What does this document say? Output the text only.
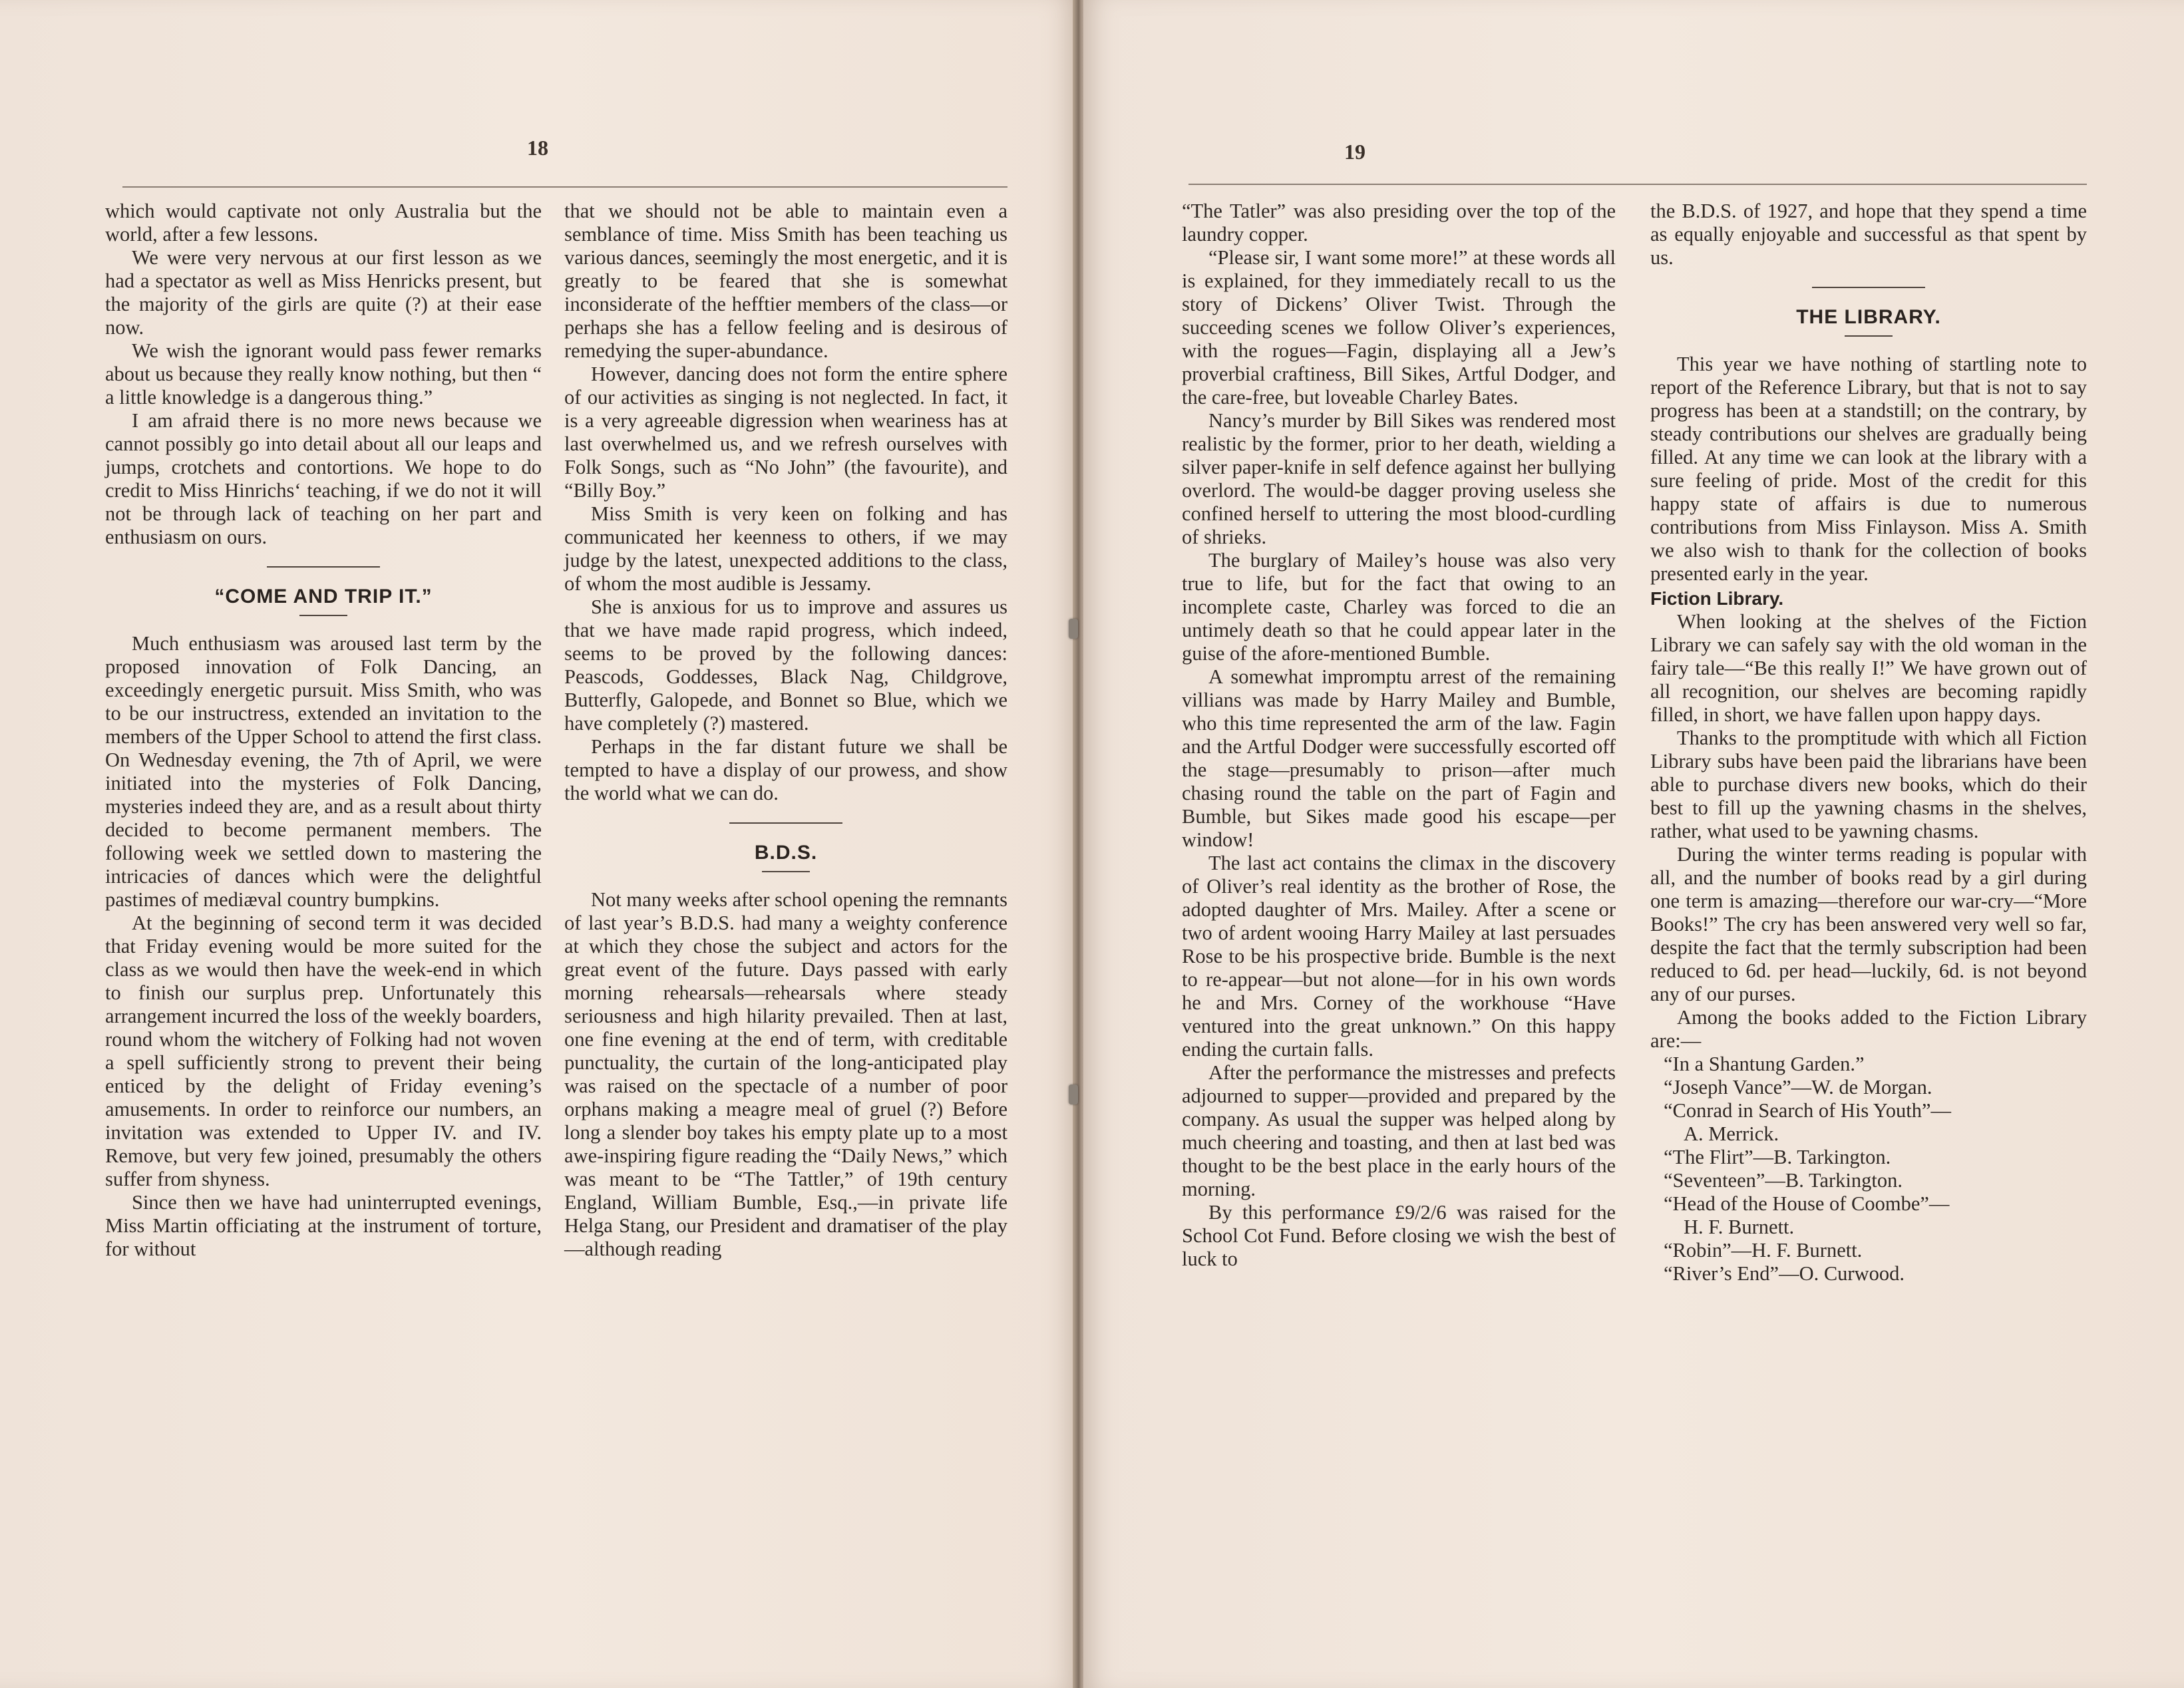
18

which would captivate not only Australia but the world, after a few lessons.

We were very nervous at our first lesson as we had a spectator as well as Miss Henricks present, but the majority of the girls are quite (?) at their ease now.

We wish the ignorant would pass fewer remarks about us because they really know nothing, but then “ a little knowledge is a dangerous thing.”

I am afraid there is no more news because we cannot possibly go into detail about all our leaps and jumps, crotchets and contortions. We hope to do credit to Miss Hinrichs‘ teaching, if we do not it will not be through lack of teaching on her part and enthusiasm on ours.

“COME AND TRIP IT.”

Much enthusiasm was aroused last term by the proposed innovation of Folk Dancing, an exceedingly energetic pursuit. Miss Smith, who was to be our instructress, extended an invitation to the members of the Upper School to attend the first class. On Wednesday evening, the 7th of April, we were initiated into the mysteries of Folk Dancing, mysteries indeed they are, and as a result about thirty decided to become permanent members. The following week we settled down to mastering the intricacies of dances which were the delightful pastimes of mediæval country bumpkins.

At the beginning of second term it was decided that Friday evening would be more suited for the class as we would then have the week-end in which to finish our surplus prep. Unfortunately this arrangement incurred the loss of the weekly boarders, round whom the witchery of Folking had not woven a spell sufficiently strong to prevent their being enticed by the delight of Friday evening’s amusements. In order to reinforce our numbers, an invitation was extended to Upper IV. and IV. Remove, but very few joined, presumably the others suffer from shyness.

Since then we have had uninterrupted evenings, Miss Martin officiating at the instrument of torture, for without

that we should not be able to maintain even a semblance of time. Miss Smith has been teaching us various dances, seemingly the most energetic, and it is greatly to be feared that she is somewhat inconsiderate of the hefftier members of the class—or perhaps she has a fellow feeling and is desirous of remedying the super-abundance.

However, dancing does not form the entire sphere of our activities as singing is not neglected. In fact, it is a very agreeable digression when weariness has at last overwhelmed us, and we refresh ourselves with Folk Songs, such as “No John” (the favourite), and “Billy Boy.”

Miss Smith is very keen on folking and has communicated her keenness to others, if we may judge by the latest, unexpected additions to the class, of whom the most audible is Jessamy.

She is anxious for us to improve and assures us that we have made rapid progress, which indeed, seems to be proved by the following dances: Peascods, Goddesses, Black Nag, Childgrove, Butterfly, Galopede, and Bonnet so Blue, which we have completely (?) mastered.

Perhaps in the far distant future we shall be tempted to have a display of our prowess, and show the world what we can do.

B.D.S.

Not many weeks after school opening the remnants of last year’s B.D.S. had many a weighty conference at which they chose the subject and actors for the great event of the future. Days passed with early morning rehearsals—rehearsals where steady seriousness and high hilarity prevailed. Then at last, one fine evening at the end of term, with creditable punctuality, the curtain of the long-anticipated play was raised on the spectacle of a number of poor orphans making a meagre meal of gruel (?) Before long a slender boy takes his empty plate up to a most awe-inspiring figure reading the “Daily News,” which was meant to be “The Tattler,” of 19th century England, William Bumble, Esq.,—in private life Helga Stang, our President and dramatiser of the play—although reading

19

“The Tatler” was also presiding over the top of the laundry copper.

“Please sir, I want some more!” at these words all is explained, for they immediately recall to us the story of Dickens’ Oliver Twist. Through the succeeding scenes we follow Oliver’s experiences, with the rogues—Fagin, displaying all a Jew’s proverbial craftiness, Bill Sikes, Artful Dodger, and the care-free, but loveable Charley Bates.

Nancy’s murder by Bill Sikes was rendered most realistic by the former, prior to her death, wielding a silver paper-knife in self defence against her bullying overlord. The would-be dagger proving useless she confined herself to uttering the most blood-curdling of shrieks.

The burglary of Mailey’s house was also very true to life, but for the fact that owing to an incomplete caste, Charley was forced to die an untimely death so that he could appear later in the guise of the afore-mentioned Bumble.

A somewhat impromptu arrest of the remaining villians was made by Harry Mailey and Bumble, who this time represented the arm of the law. Fagin and the Artful Dodger were successfully escorted off the stage—presumably to prison—after much chasing round the table on the part of Fagin and Bumble, but Sikes made good his escape—per window!

The last act contains the climax in the discovery of Oliver’s real identity as the brother of Rose, the adopted daughter of Mrs. Mailey. After a scene or two of ardent wooing Harry Mailey at last persuades Rose to be his prospective bride. Bumble is the next to re-appear—but not alone—for in his own words he and Mrs. Corney of the workhouse “Have ventured into the great unknown.” On this happy ending the curtain falls.

After the performance the mistresses and prefects adjourned to supper—provided and prepared by the company. As usual the supper was helped along by much cheering and toasting, and then at last bed was thought to be the best place in the early hours of the morning.

By this performance £9/2/6 was raised for the School Cot Fund. Before closing we wish the best of luck to

the B.D.S. of 1927, and hope that they spend a time as equally enjoyable and successful as that spent by us.

THE LIBRARY.

This year we have nothing of startling note to report of the Reference Library, but that is not to say progress has been at a standstill; on the contrary, by steady contributions our shelves are gradually being filled. At any time we can look at the library with a sure feeling of pride. Most of the credit for this happy state of affairs is due to numerous contributions from Miss Finlayson. Miss A. Smith we also wish to thank for the collection of books presented early in the year.

Fiction Library.

When looking at the shelves of the Fiction Library we can safely say with the old woman in the fairy tale—“Be this really I!” We have grown out of all recognition, our shelves are becoming rapidly filled, in short, we have fallen upon happy days.

Thanks to the promptitude with which all Fiction Library subs have been paid the librarians have been able to purchase divers new books, which do their best to fill up the yawning chasms in the shelves, rather, what used to be yawning chasms.

During the winter terms reading is popular with all, and the number of books read by a girl during one term is amazing—therefore our war-cry—“More Books!” The cry has been answered very well so far, despite the fact that the termly subscription had been reduced to 6d. per head—luckily, 6d. is not beyond any of our purses.

Among the books added to the Fiction Library are:—

“In a Shantung Garden.”
“Joseph Vance”—W. de Morgan.
“Conrad in Search of His Youth”—
A. Merrick.
“The Flirt”—B. Tarkington.
“Seventeen”—B. Tarkington.
“Head of the House of Coombe”—
H. F. Burnett.
“Robin”—H. F. Burnett.
“River’s End”—O. Curwood.
